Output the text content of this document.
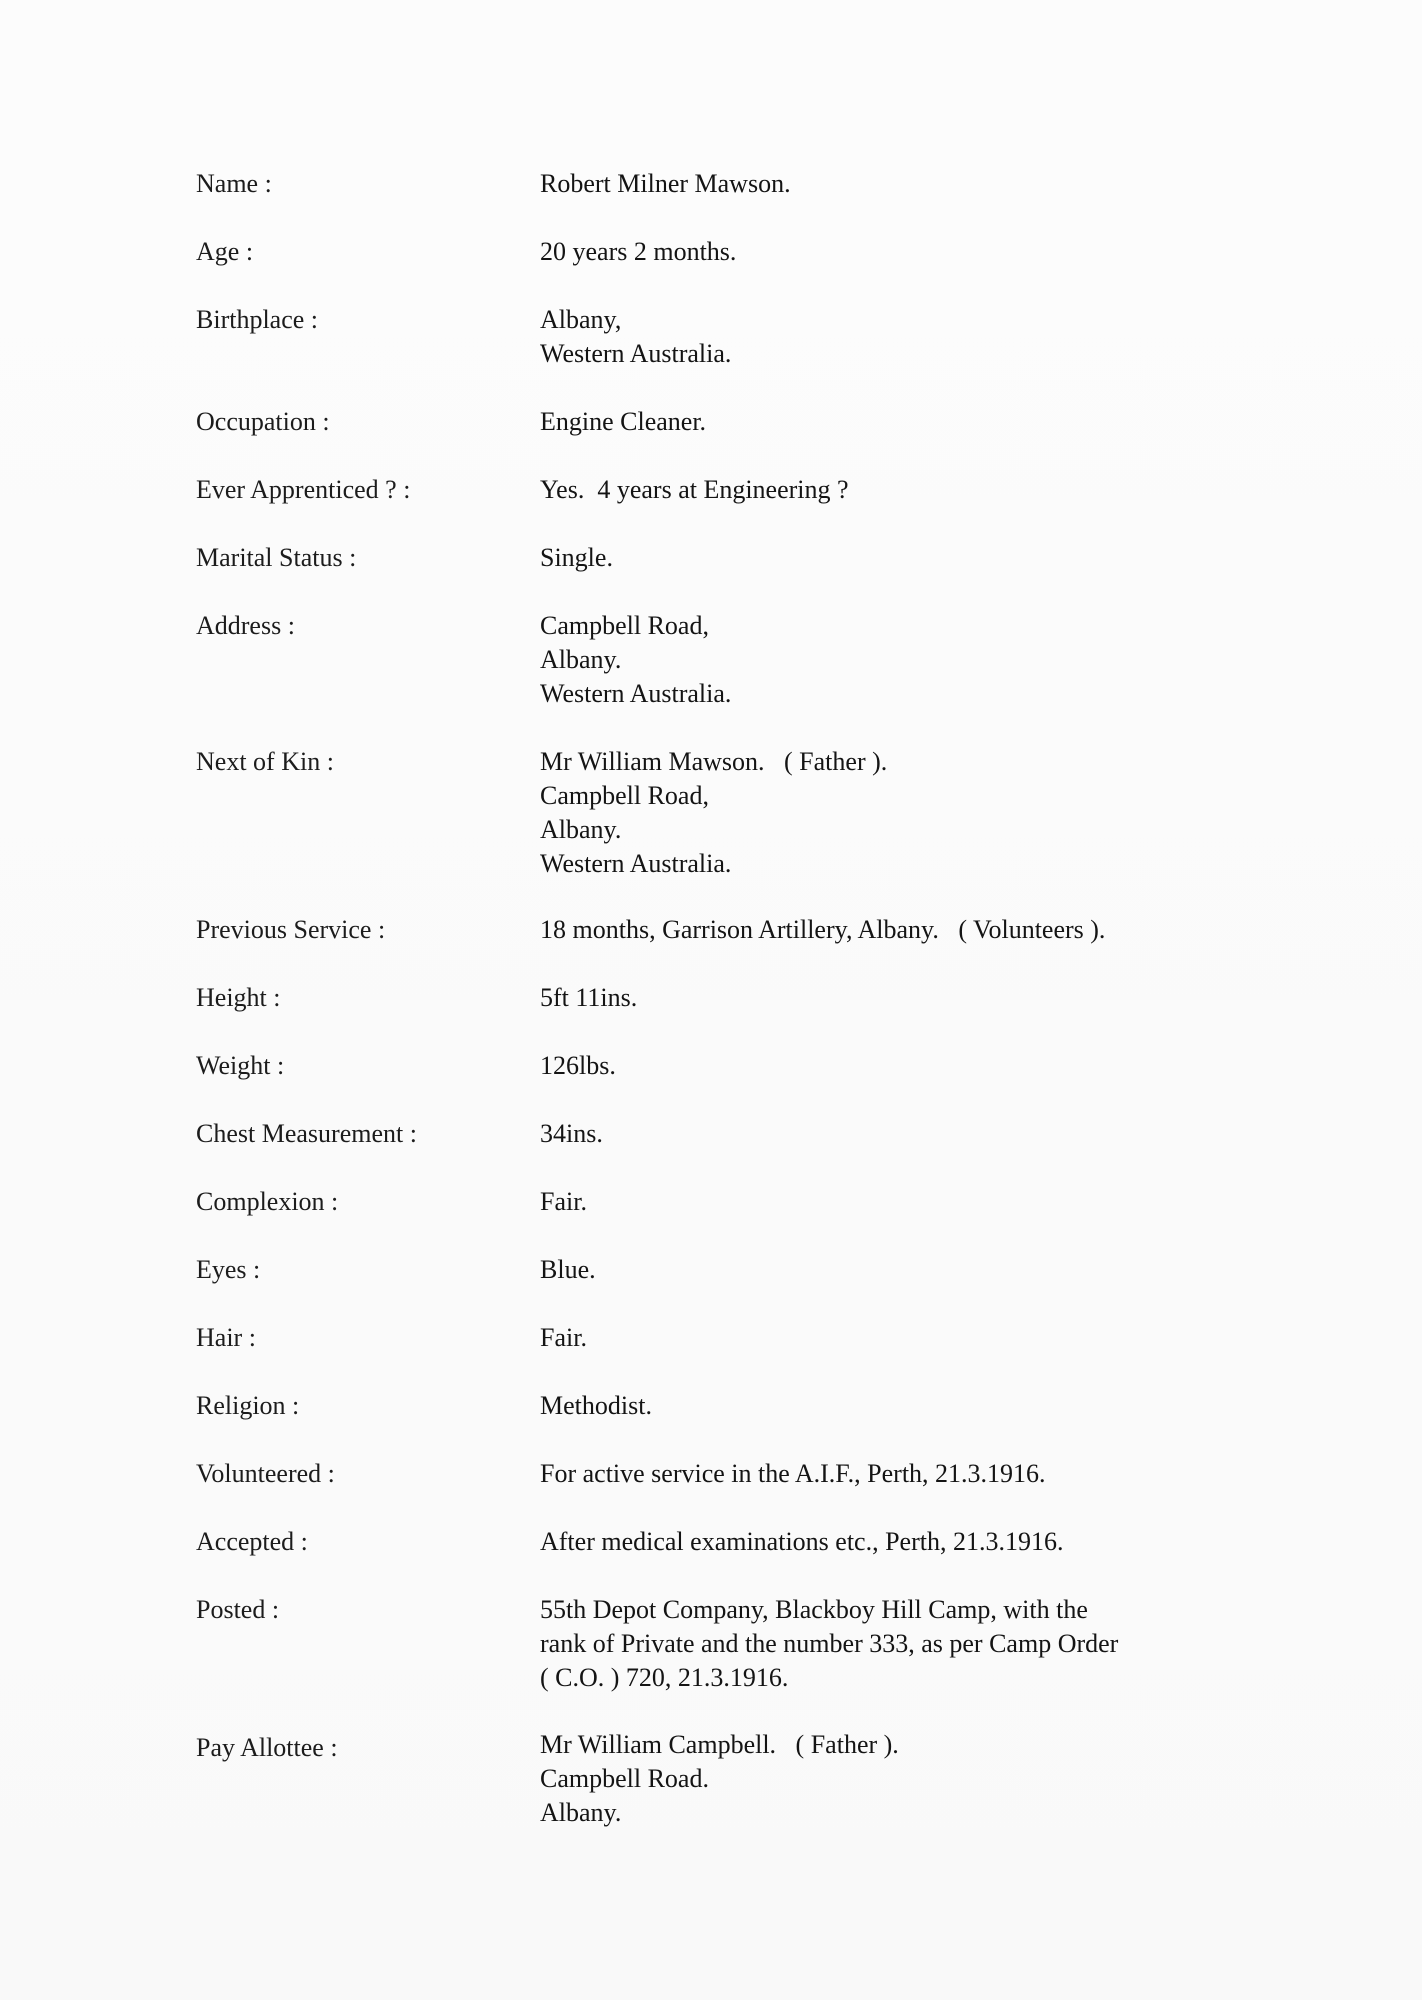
Name :	Robert Milner Mawson.
Age :	20 years 2 months.
Birthplace :	Albany,
Western Australia.
Occupation :	Engine Cleaner.
Ever Apprenticed ? :	Yes.  4 years at Engineering ?
Marital Status :	Single.
Address :	Campbell Road,
Albany.
Western Australia.
Next of Kin :	Mr William Mawson.   ( Father ).
Campbell Road,
Albany.
Western Australia.
Previous Service :	18 months, Garrison Artillery, Albany.   ( Volunteers ).
Height :	5ft 11ins.
Weight :	126lbs.
Chest Measurement :	34ins.
Complexion :	Fair.
Eyes :	Blue.
Hair :	Fair.
Religion :	Methodist.
Volunteered :	For active service in the A.I.F., Perth, 21.3.1916.
Accepted :	After medical examinations etc., Perth, 21.3.1916.
Posted :	55th Depot Company, Blackboy Hill Camp, with the
rank of Private and the number 333, as per Camp Order
( C.O. ) 720, 21.3.1916.
Pay Allottee :	Mr William Campbell.   ( Father ).
Campbell Road.
Albany.
